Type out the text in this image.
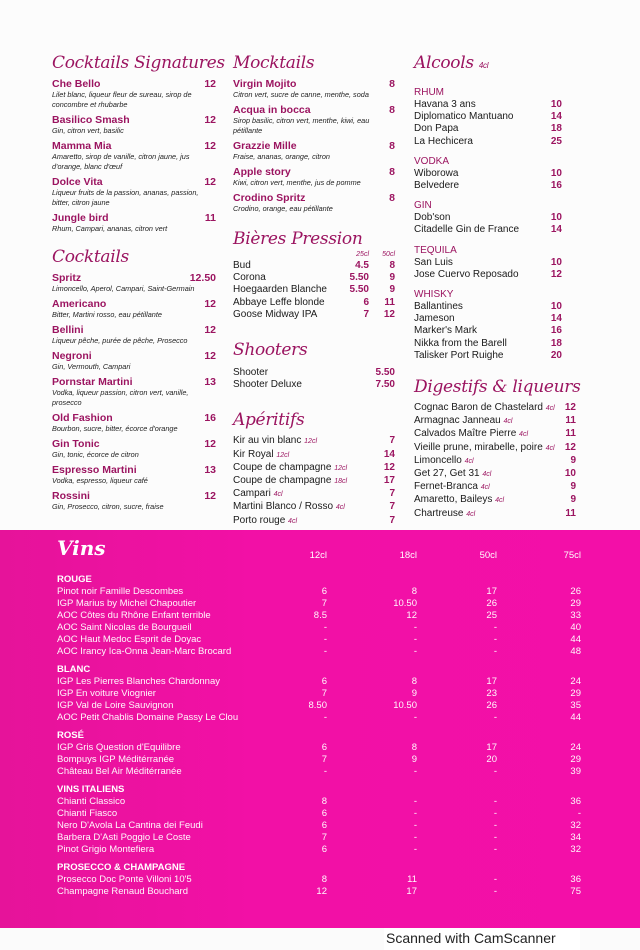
Cocktails Signatures
Che Bello	12
Lilet blanc, liqueur fleur de sureau, sirop de concombre et rhubarbe
Basilico Smash	12
Gin, citron vert, basilic
Mamma Mia	12
Amaretto, sirop de vanille, citron jaune, jus d'orange, blanc d'œuf
Dolce Vita	12
Liqueur fruits de la passion, ananas, passion, bitter, citron jaune
Jungle bird	11
Rhum, Campari, ananas, citron vert
Cocktails
Spritz	12.50
Limoncello, Aperol, Campari, Saint-Germain
Americano	12
Bitter, Martini rosso, eau pétillante
Bellini	12
Liqueur pêche, purée de pêche, Prosecco
Negroni	12
Gin, Vermouth, Campari
Pornstar Martini	13
Vodka, liqueur passion, citron vert, vanille, prosecco
Old Fashion	16
Bourbon, sucre, bitter, écorce d'orange
Gin Tonic	12
Gin, tonic, écorce de citron
Espresso Martini	13
Vodka, espresso, liqueur café
Rossini	12
Gin, Prosecco, citron, sucre, fraise
Mocktails
Virgin Mojito	8
Citron vert, sucre de canne, menthe, soda
Acqua in bocca	8
Sirop basilic, citron vert, menthe, kiwi, eau pétillante
Grazzie Mille	8
Fraise, ananas, orange, citron
Apple story	8
Kiwi, citron vert, menthe, jus de pomme
Crodino Spritz	8
Crodino, orange, eau pétillante
Bières Pression
25cl	50cl
Bud	4.5	8
Corona	5.50	9
Hoegaarden Blanche	5.50	9
Abbaye Leffe blonde	6	11
Goose Midway IPA	7	12
Shooters
Shooter	5.50
Shooter Deluxe	7.50
Apéritifs
Kir au vin blanc 12cl	7
Kir Royal 12cl	14
Coupe de champagne 12cl	12
Coupe de champagne 18cl	17
Campari 4cl	7
Martini Blanco / Rosso 4cl	7
Porto rouge 4cl	7
Alcools 4cl
RHUM
Havana 3 ans	10
Diplomatico Mantuano	14
Don Papa	18
La Hechicera	25
VODKA
Wiborowa	10
Belvedere	16
GIN
Dob'son	10
Citadelle Gin de France	14
TEQUILA
San Luis	10
Jose Cuervo Reposado	12
WHISKY
Ballantines	10
Jameson	14
Marker's Mark	16
Nikka from the Barell	18
Talisker Port Ruighe	20
Digestifs & liqueurs
Cognac Baron de Chastelard 4cl 12
Armagnac Janneau 4cl	11
Calvados Maître Pierre 4cl	11
Vieille prune, mirabelle, poire 4cl 12
Limoncello 4cl	9
Get 27, Get 31 4cl	10
Fernet-Branca 4cl	9
Amaretto, Baileys 4cl	9
Chartreuse 4cl	11
Vins	12cl	18cl	50cl	75cl
ROUGE
Pinot noir Famille Descombes	6	8	17	26
IGP Marius by Michel Chapoutier	7	10.50	26	29
AOC Côtes du Rhône Enfant terrible	8.5	12	25	33
AOC Saint Nicolas de Bourgueil	-	-	-	40
AOC Haut Medoc Esprit de Doyac	-	-	-	44
AOC Irancy Ica-Onna Jean-Marc Brocard	-	-	-	48
BLANC
IGP Les Pierres Blanches Chardonnay	6	8	17	24
IGP En voiture Viognier	7	9	23	29
IGP Val de Loire Sauvignon	8.50	10.50	26	35
AOC Petit Chablis Domaine Passy Le Clou	-	-	-	44
ROSÉ
IGP Gris Question d'Equilibre	6	8	17	24
Bompuys IGP Méditérranée	7	9	20	29
Château Bel Air Méditérranée	-	-	-	39
VINS ITALIENS
Chianti Classico	8	-	-	36
Chianti Fiasco	6	-	-	-
Nero D'Avola La Cantina dei Feudi	6	-	-	32
Barbera D'Asti Poggio Le Coste	7	-	-	34
Pinot Grigio Montefiera	6	-	-	32
PROSECCO & CHAMPAGNE
Prosecco Doc Ponte Villoni 10'5	8	11	-	36
Champagne Renaud Bouchard	12	17	-	75
Scanned with CamScanner
